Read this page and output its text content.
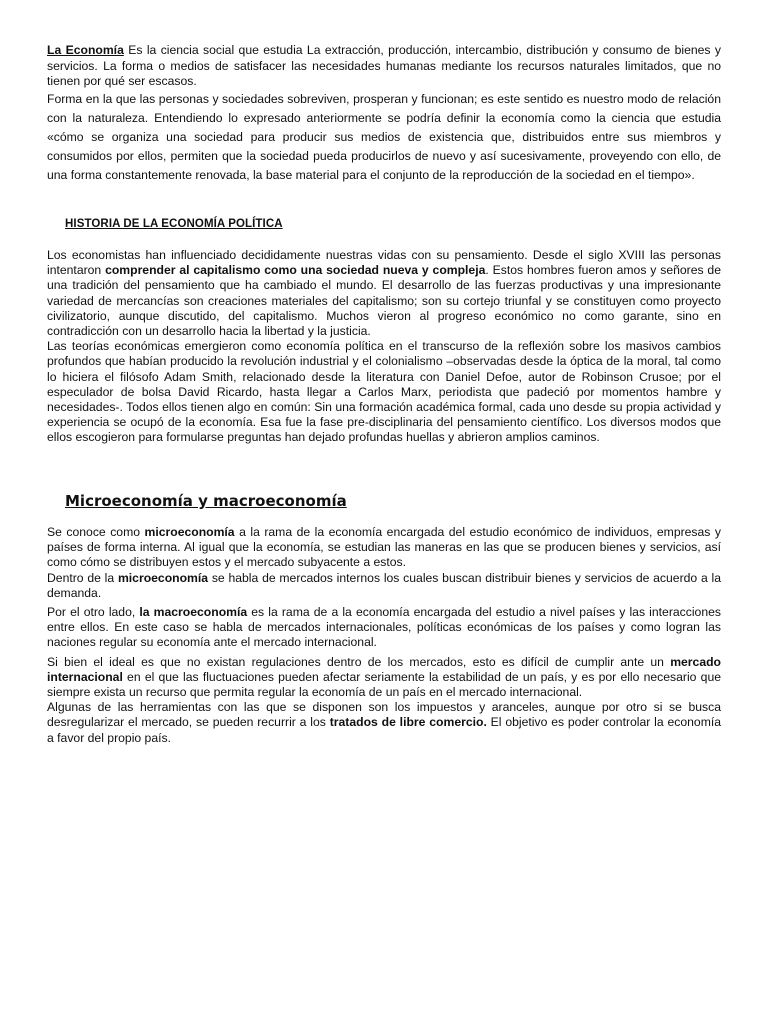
La Economía Es la ciencia social que estudia La extracción, producción, intercambio, distribución y consumo de bienes y servicios. La forma o medios de satisfacer las necesidades humanas mediante los recursos naturales limitados, que no tienen por qué ser escasos.

Forma en la que las personas y sociedades sobreviven, prosperan y funcionan; es este sentido es nuestro modo de relación con la naturaleza. Entendiendo lo expresado anteriormente se podría definir la economía como la ciencia que estudia «cómo se organiza una sociedad para producir sus medios de existencia que, distribuidos entre sus miembros y consumidos por ellos, permiten que la sociedad pueda producirlos de nuevo y así sucesivamente, proveyendo con ello, de una forma constantemente renovada, la base material para el conjunto de la reproducción de la sociedad en el tiempo».

HISTORIA DE LA ECONOMÍA POLÍTICA

Los economistas han influenciado decididamente nuestras vidas con su pensamiento. Desde el siglo XVIII las personas intentaron comprender al capitalismo como una sociedad nueva y compleja. Estos hombres fueron amos y señores de una tradición del pensamiento que ha cambiado el mundo. El desarrollo de las fuerzas productivas y una impresionante variedad de mercancías son creaciones materiales del capitalismo; son su cortejo triunfal y se constituyen como proyecto civilizatorio, aunque discutido, del capitalismo. Muchos vieron al progreso económico no como garante, sino en contradicción con un desarrollo hacia la libertad y la justicia.

Las teorías económicas emergieron como economía política en el transcurso de la reflexión sobre los masivos cambios profundos que habían producido la revolución industrial y el colonialismo –observadas desde la óptica de la moral, tal como lo hiciera el filósofo Adam Smith, relacionado desde la literatura con Daniel Defoe, autor de Robinson Crusoe; por el especulador de bolsa David Ricardo, hasta llegar a Carlos Marx, periodista que padeció por momentos hambre y necesidades-. Todos ellos tienen algo en común: Sin una formación académica formal, cada uno desde su propia actividad y experiencia se ocupó de la economía. Esa fue la fase pre-disciplinaria del pensamiento científico. Los diversos modos que ellos escogieron para formularse preguntas han dejado profundas huellas y abrieron amplios caminos.

Microeconomía y macroeconomía

Se conoce como microeconomía a la rama de la economía encargada del estudio económico de individuos, empresas y países de forma interna. Al igual que la economía, se estudian las maneras en las que se producen bienes y servicios, así como cómo se distribuyen estos y el mercado subyacente a estos.

Dentro de la microeconomía se habla de mercados internos los cuales buscan distribuir bienes y servicios de acuerdo a la demanda.

Por el otro lado, la macroeconomía es la rama de a la economía encargada del estudio a nivel países y las interacciones entre ellos. En este caso se habla de mercados internacionales, políticas económicas de los países y como logran las naciones regular su economía ante el mercado internacional.

Si bien el ideal es que no existan regulaciones dentro de los mercados, esto es difícil de cumplir ante un mercado internacional en el que las fluctuaciones pueden afectar seriamente la estabilidad de un país, y es por ello necesario que siempre exista un recurso que permita regular la economía de un país en el mercado internacional.

Algunas de las herramientas con las que se disponen son los impuestos y aranceles, aunque por otro si se busca desregularizar el mercado, se pueden recurrir a los tratados de libre comercio. El objetivo es poder controlar la economía a favor del propio país.
